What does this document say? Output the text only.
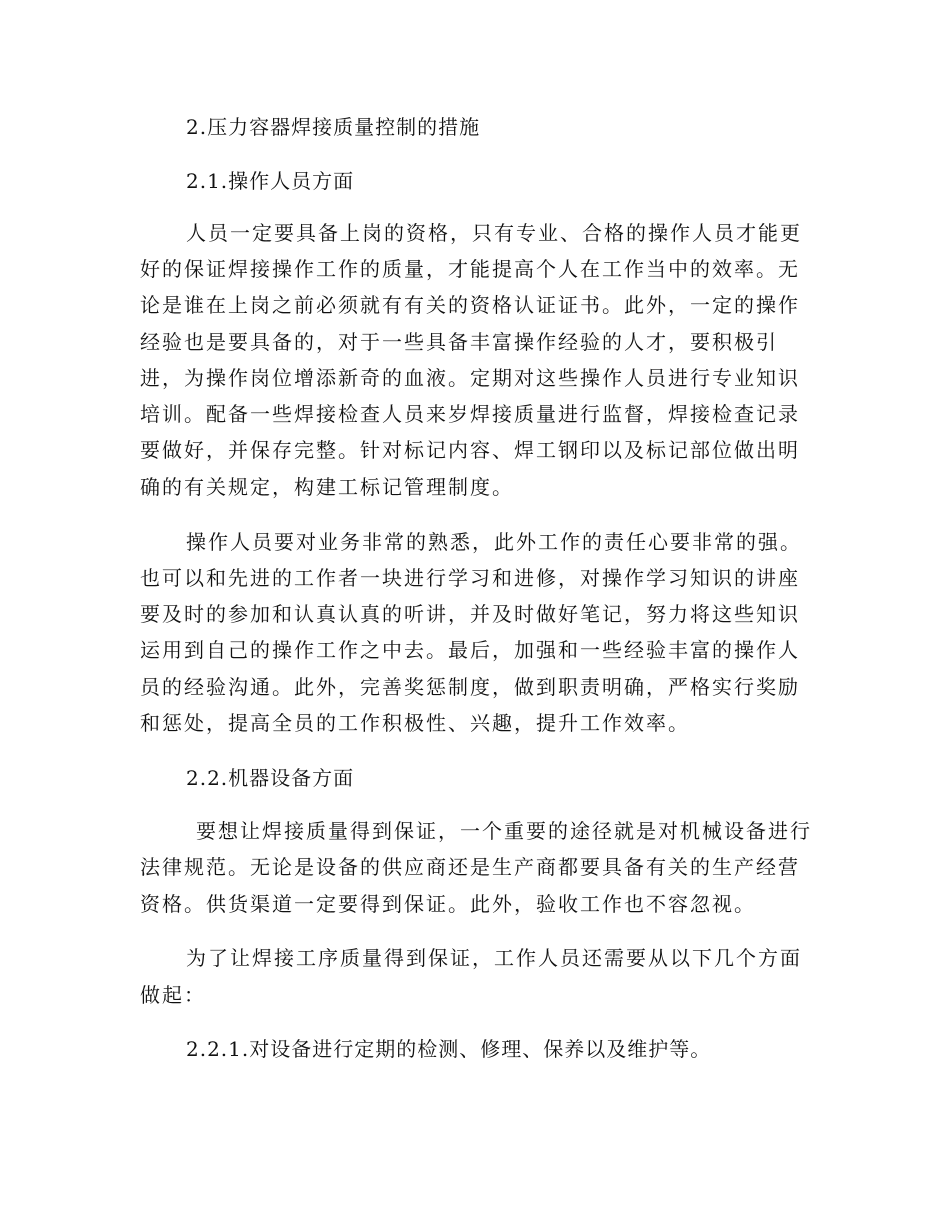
2.压力容器焊接质量控制的措施
2.1.操作人员方面
人员一定要具备上岗的资格，只有专业、合格的操作人员才能更
好的保证焊接操作工作的质量，才能提高个人在工作当中的效率。无
论是谁在上岗之前必须就有有关的资格认证证书。此外，一定的操作
经验也是要具备的，对于一些具备丰富操作经验的人才，要积极引
进，为操作岗位增添新奇的血液。定期对这些操作人员进行专业知识
培训。配备一些焊接检查人员来岁焊接质量进行监督，焊接检查记录
要做好，并保存完整。针对标记内容、焊工钢印以及标记部位做出明
确的有关规定，构建工标记管理制度。
操作人员要对业务非常的熟悉，此外工作的责任心要非常的强。
也可以和先进的工作者一块进行学习和进修，对操作学习知识的讲座
要及时的参加和认真认真的听讲，并及时做好笔记，努力将这些知识
运用到自己的操作工作之中去。最后，加强和一些经验丰富的操作人
员的经验沟通。此外，完善奖惩制度，做到职责明确，严格实行奖励
和惩处，提高全员的工作积极性、兴趣，提升工作效率。
2.2.机器设备方面
要想让焊接质量得到保证，一个重要的途径就是对机械设备进行
法律规范。无论是设备的供应商还是生产商都要具备有关的生产经营
资格。供货渠道一定要得到保证。此外，验收工作也不容忽视。
为了让焊接工序质量得到保证，工作人员还需要从以下几个方面
做起：
2.2.1.对设备进行定期的检测、修理、保养以及维护等。
